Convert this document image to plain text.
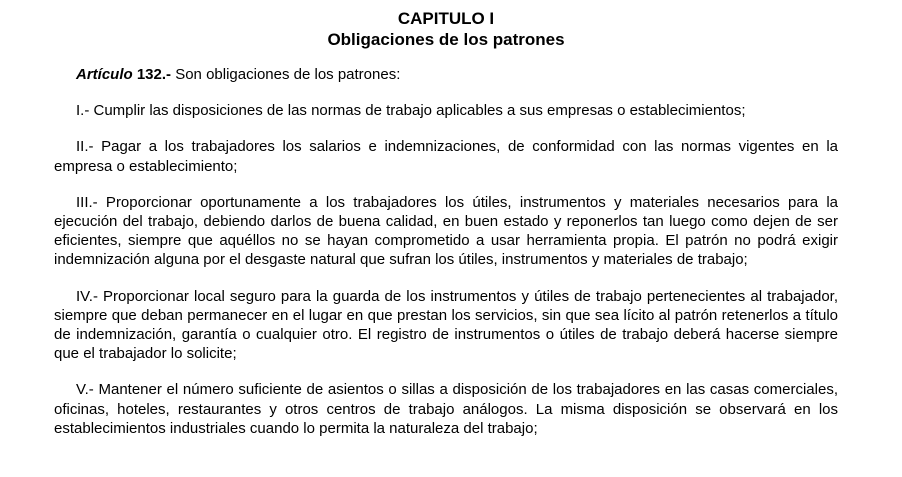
CAPITULO I
Obligaciones de los patrones

Artículo 132.- Son obligaciones de los patrones:

I.- Cumplir las disposiciones de las normas de trabajo aplicables a sus empresas o establecimientos;

II.- Pagar a los trabajadores los salarios e indemnizaciones, de conformidad con las normas vigentes en la empresa o establecimiento;

III.- Proporcionar oportunamente a los trabajadores los útiles, instrumentos y materiales necesarios para la ejecución del trabajo, debiendo darlos de buena calidad, en buen estado y reponerlos tan luego como dejen de ser eficientes, siempre que aquéllos no se hayan comprometido a usar herramienta propia. El patrón no podrá exigir indemnización alguna por el desgaste natural que sufran los útiles, instrumentos y materiales de trabajo;

IV.- Proporcionar local seguro para la guarda de los instrumentos y útiles de trabajo pertenecientes al trabajador, siempre que deban permanecer en el lugar en que prestan los servicios, sin que sea lícito al patrón retenerlos a título de indemnización, garantía o cualquier otro. El registro de instrumentos o útiles de trabajo deberá hacerse siempre que el trabajador lo solicite;

V.- Mantener el número suficiente de asientos o sillas a disposición de los trabajadores en las casas comerciales, oficinas, hoteles, restaurantes y otros centros de trabajo análogos. La misma disposición se observará en los establecimientos industriales cuando lo permita la naturaleza del trabajo;
